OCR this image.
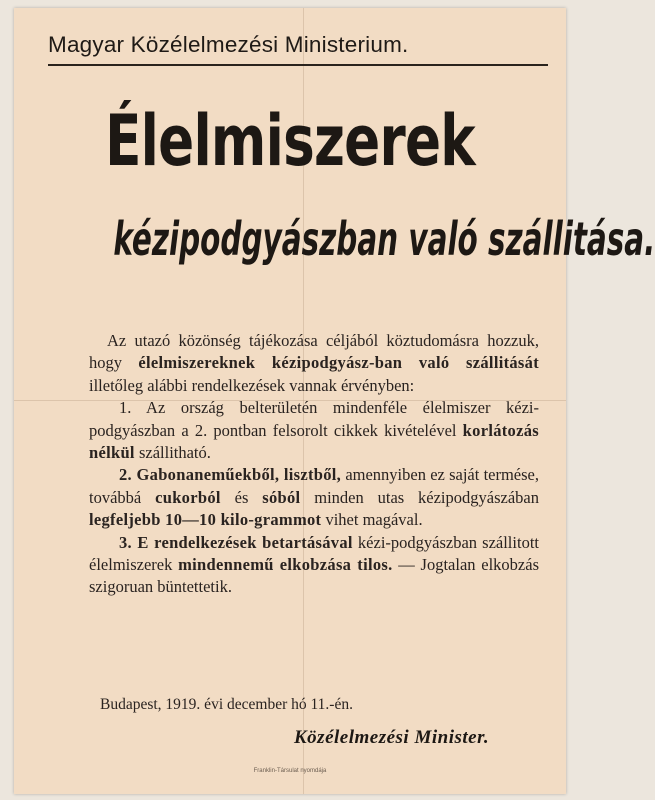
Magyar Közélelmezési Ministerium.
Élelmiszerek
kézipodgyászban való szállitása.

Az utazó közönség tájékozása céljából köztudomásra hozzuk, hogy élelmiszereknek kézipodgyász-ban való szállitását illetőleg alábbi rendelkezések vannak érvényben:

1. Az ország belterületén mindenféle élelmiszer kézi-podgyászban a 2. pontban felsorolt cikkek kivételével korlátozás nélkül szállitható.

2. Gabonaneműekből, lisztből, amennyiben ez saját termése, továbbá cukorból és sóból minden utas kézipodgyászában legfeljebb 10—10 kilo-grammot vihet magával.

3. E rendelkezések betartásával kézi-podgyászban szállitott élelmiszerek mindennemű elkobzása tilos. — Jogtalan elkobzás szigoruan büntettetik.

Budapest, 1919. évi december hó 11.-én.
Közélelmezési Minister.
Franklin-Társulat nyomdája
